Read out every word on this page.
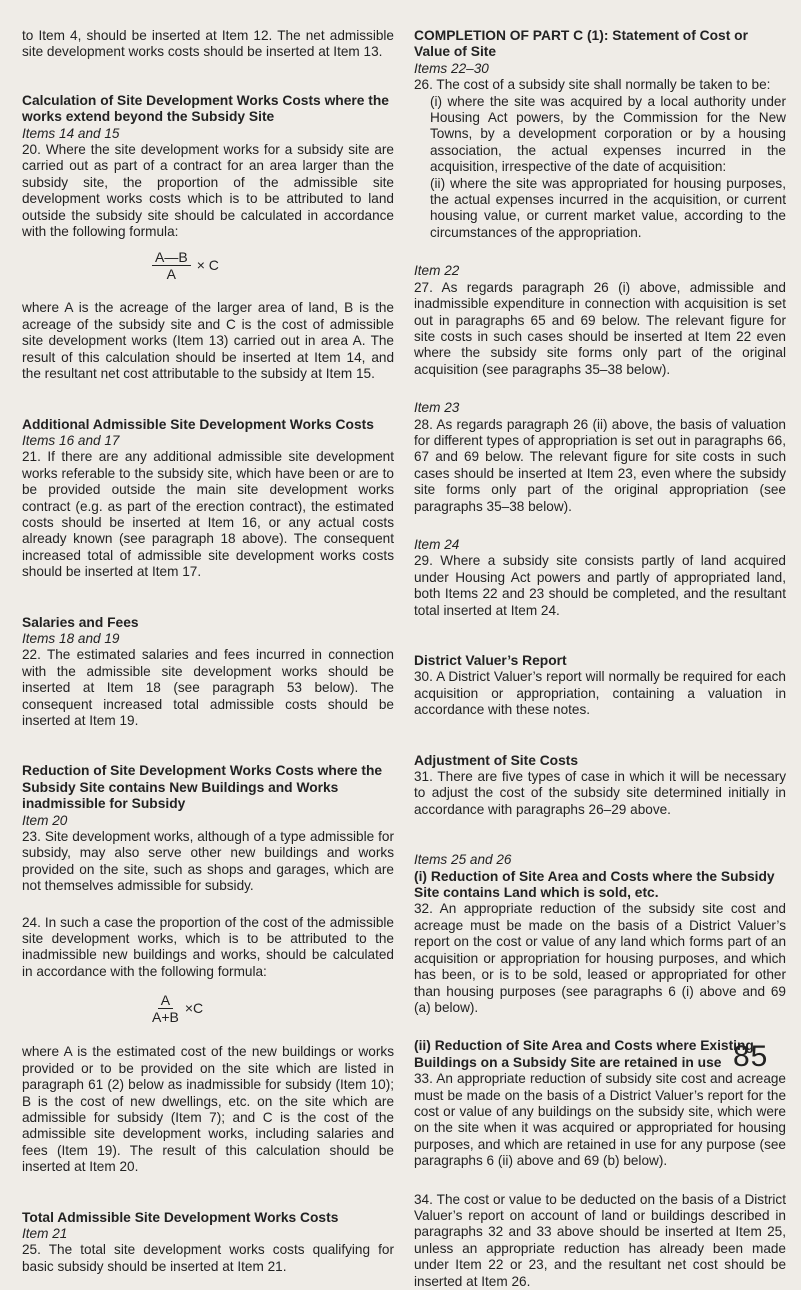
to Item 4, should be inserted at Item 12. The net admissible site development works costs should be inserted at Item 13.

Calculation of Site Development Works Costs where the works extend beyond the Subsidy Site
Items 14 and 15

20. Where the site development works for a subsidy site are carried out as part of a contract for an area larger than the subsidy site, the proportion of the admissible site development works costs which is to be attributed to land outside the subsidy site should be calculated in accordance with the following formula:

$\frac{A—B}{A} \times C$

where A is the acreage of the larger area of land, B is the acreage of the subsidy site and C is the cost of admissible site development works (Item 13) carried out in area A. The result of this calculation should be inserted at Item 14, and the resultant net cost attributable to the subsidy at Item 15.

Additional Admissible Site Development Works Costs
Items 16 and 17

21. If there are any additional admissible site development works referable to the subsidy site, which have been or are to be provided outside the main site development works contract (e.g. as part of the erection contract), the estimated costs should be inserted at Item 16, or any actual costs already known (see paragraph 18 above). The consequent increased total of admissible site development works costs should be inserted at Item 17.

Salaries and Fees
Items 18 and 19

22. The estimated salaries and fees incurred in connection with the admissible site development works should be inserted at Item 18 (see paragraph 53 below). The consequent increased total admissible costs should be inserted at Item 19.

Reduction of Site Development Works Costs where the Subsidy Site contains New Buildings and Works inadmissible for Subsidy
Item 20

23. Site development works, although of a type admissible for subsidy, may also serve other new buildings and works provided on the site, such as shops and garages, which are not themselves admissible for subsidy.

24. In such a case the proportion of the cost of the admissible site development works, which is to be attributed to the inadmissible new buildings and works, should be calculated in accordance with the following formula:

$\frac{A}{A+B} \times C$

where A is the estimated cost of the new buildings or works provided or to be provided on the site which are listed in paragraph 61 (2) below as inadmissible for subsidy (Item 10); B is the cost of new dwellings, etc. on the site which are admissible for subsidy (Item 7); and C is the cost of the admissible site development works, including salaries and fees (Item 19). The result of this calculation should be inserted at Item 20.

Total Admissible Site Development Works Costs
Item 21

25. The total site development works costs qualifying for basic subsidy should be inserted at Item 21.

COMPLETION OF PART C (1): Statement of Cost or Value of Site
Items 22–30

26. The cost of a subsidy site shall normally be taken to be:

(i) where the site was acquired by a local authority under Housing Act powers, by the Commission for the New Towns, by a development corporation or by a housing association, the actual expenses incurred in the acquisition, irrespective of the date of acquisition:

(ii) where the site was appropriated for housing purposes, the actual expenses incurred in the acquisition, or current housing value, or current market value, according to the circumstances of the appropriation.

Item 22

27. As regards paragraph 26 (i) above, admissible and inadmissible expenditure in connection with acquisition is set out in paragraphs 65 and 69 below. The relevant figure for site costs in such cases should be inserted at Item 22 even where the subsidy site forms only part of the original acquisition (see paragraphs 35–38 below).

Item 23

28. As regards paragraph 26 (ii) above, the basis of valuation for different types of appropriation is set out in paragraphs 66, 67 and 69 below. The relevant figure for site costs in such cases should be inserted at Item 23, even where the subsidy site forms only part of the original appropriation (see paragraphs 35–38 below).

Item 24

29. Where a subsidy site consists partly of land acquired under Housing Act powers and partly of appropriated land, both Items 22 and 23 should be completed, and the resultant total inserted at Item 24.

District Valuer’s Report

30. A District Valuer’s report will normally be required for each acquisition or appropriation, containing a valuation in accordance with these notes.

Adjustment of Site Costs

31. There are five types of case in which it will be necessary to adjust the cost of the subsidy site determined initially in accordance with paragraphs 26–29 above.

Items 25 and 26
(i) Reduction of Site Area and Costs where the Subsidy Site contains Land which is sold, etc.

32. An appropriate reduction of the subsidy site cost and acreage must be made on the basis of a District Valuer’s report on the cost or value of any land which forms part of an acquisition or appropriation for housing purposes, and which has been, or is to be sold, leased or appropriated for other than housing purposes (see paragraphs 6 (i) above and 69 (a) below).

(ii) Reduction of Site Area and Costs where Existing Buildings on a Subsidy Site are retained in use

33. An appropriate reduction of subsidy site cost and acreage must be made on the basis of a District Valuer’s report for the cost or value of any buildings on the subsidy site, which were on the site when it was acquired or appropriated for housing purposes, and which are retained in use for any purpose (see paragraphs 6 (ii) above and 69 (b) below).

34. The cost or value to be deducted on the basis of a District Valuer’s report on account of land or buildings described in paragraphs 32 and 33 above should be inserted at Item 25, unless an appropriate reduction has already been made under Item 22 or 23, and the resultant net cost should be inserted at Item 26.

85
